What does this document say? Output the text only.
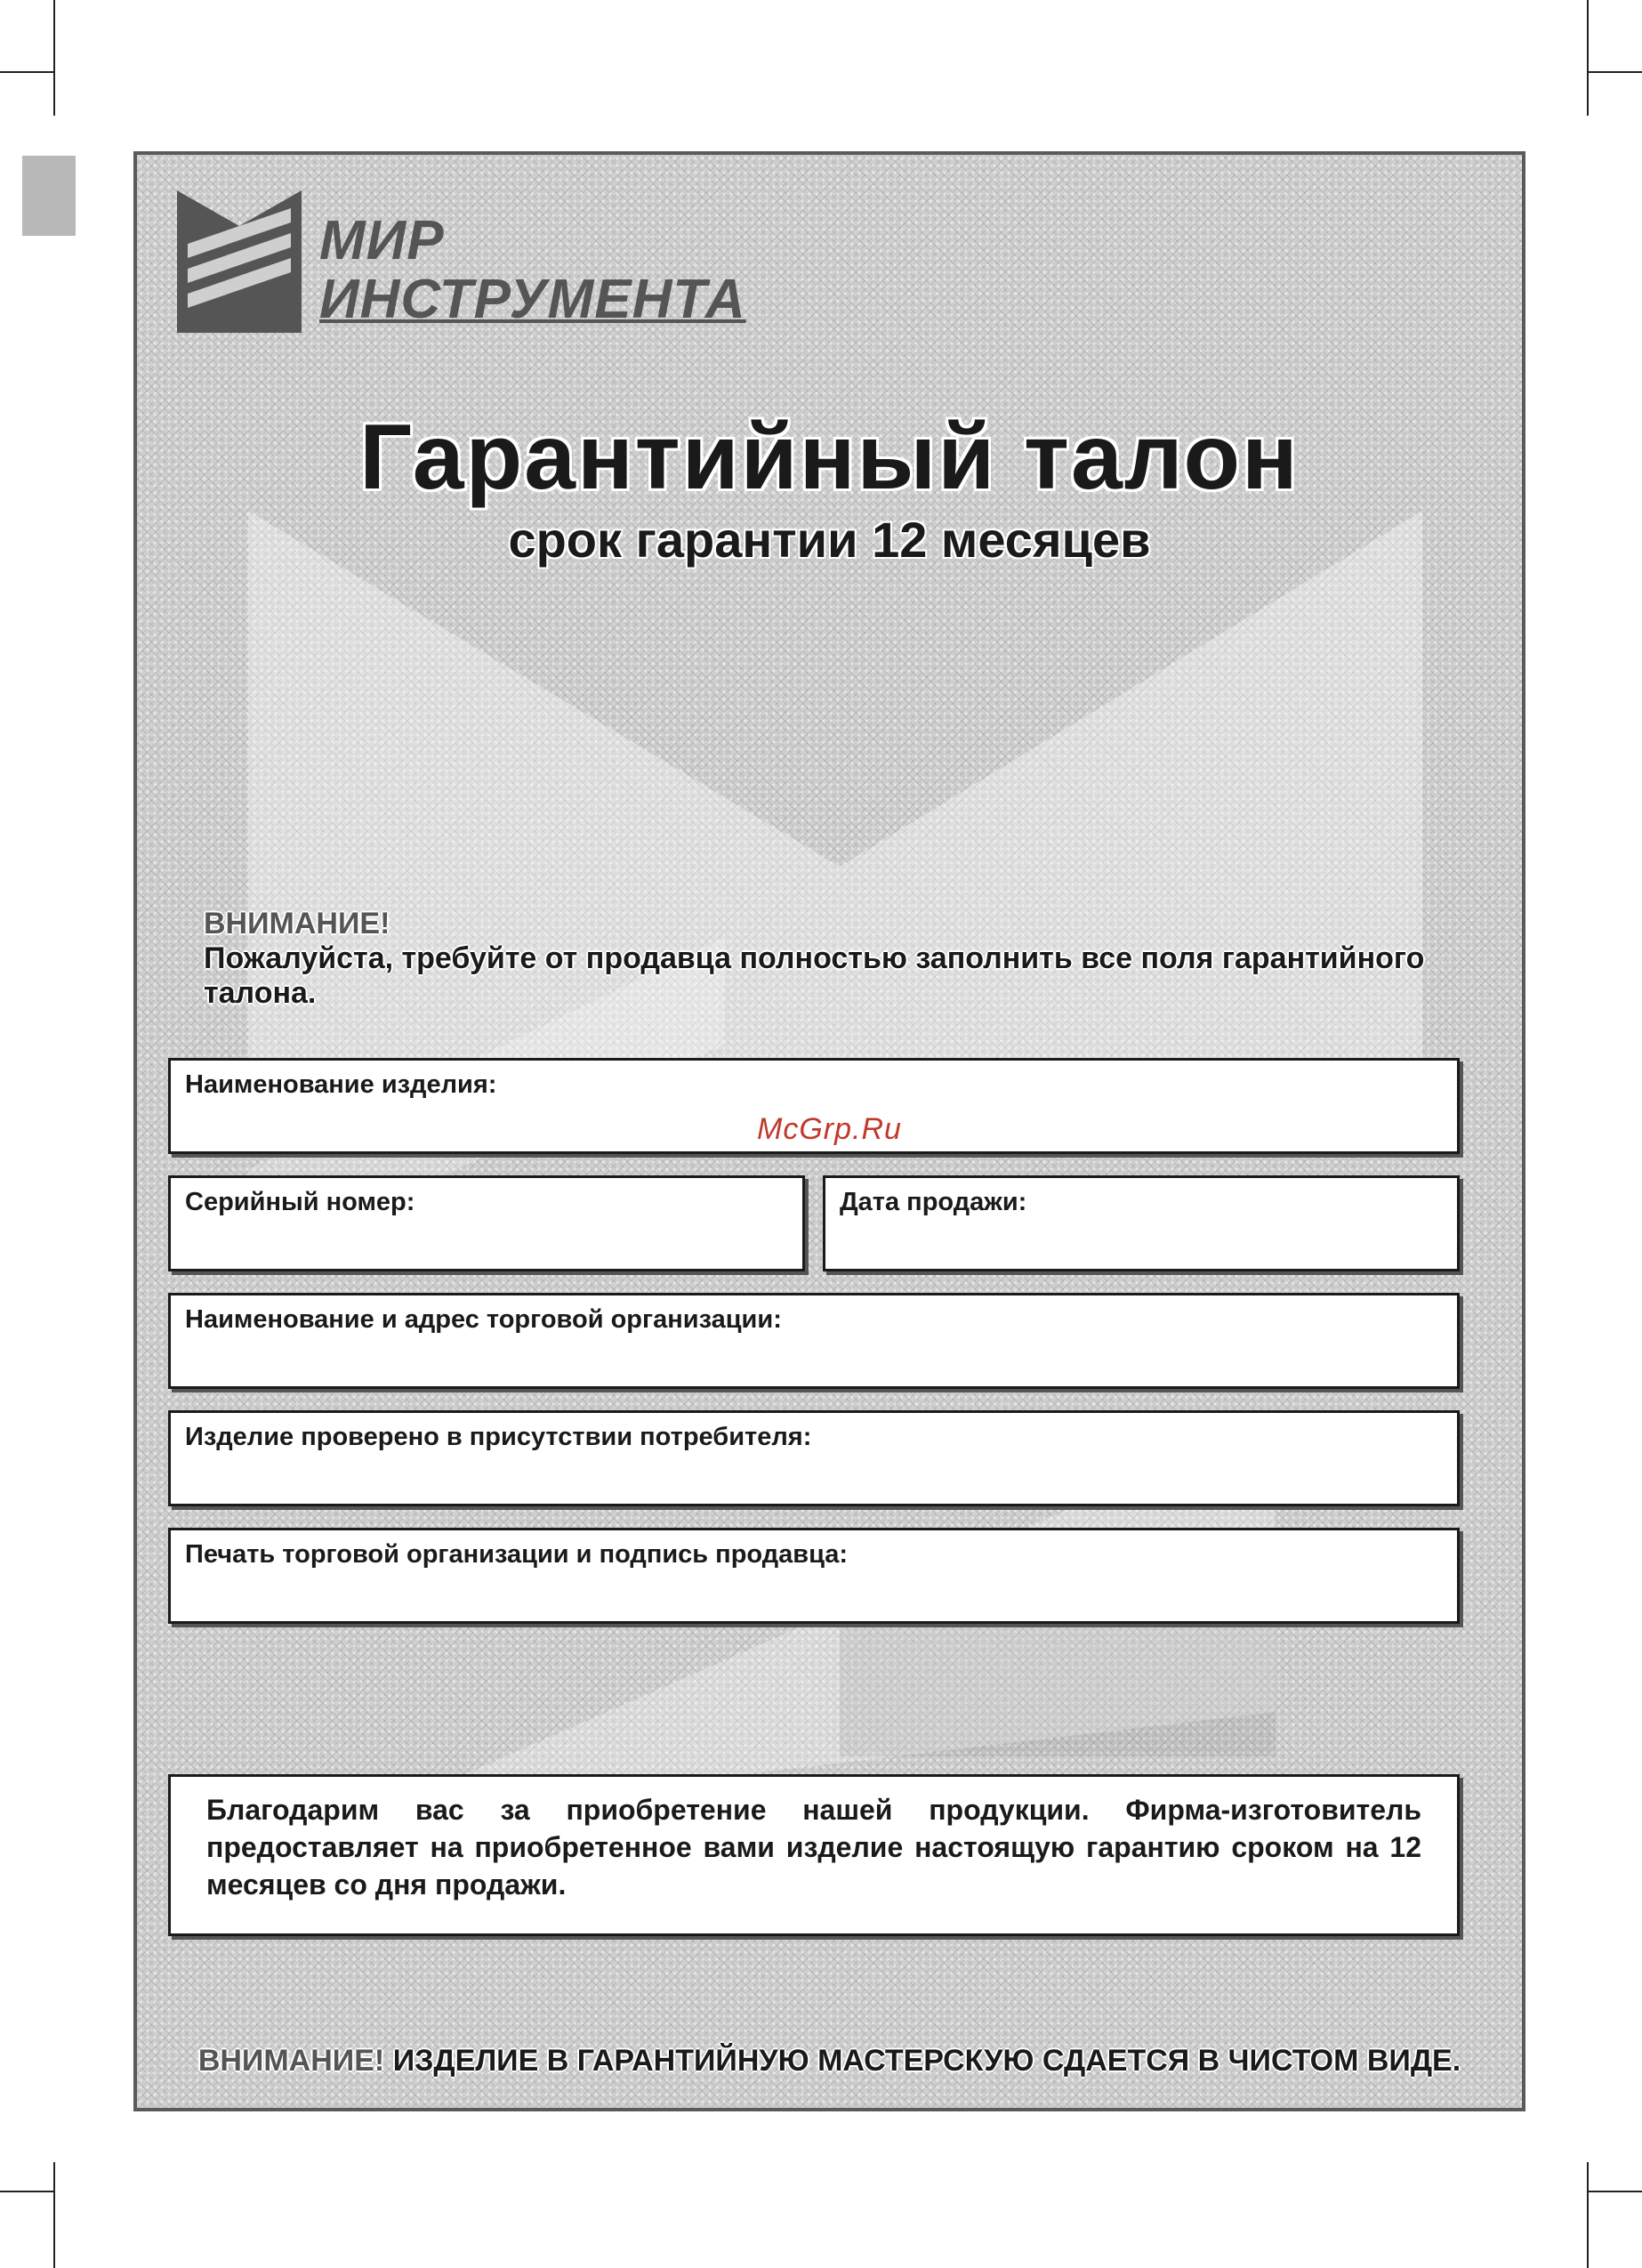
МИР
ИНСТРУМЕНТА
Гарантийный талон
срок гарантии 12 месяцев
ВНИМАНИЕ!
Пожалуйста, требуйте от продавца полностью заполнить все поля гарантийного талона.
Наименование изделия:
Серийный номер:	Дата продажи:
Наименование и адрес торговой организации:
Изделие проверено в присутствии потребителя:
Печать торговой организации и подпись продавца:
McGrp.Ru
Благодарим вас за приобретение нашей продукции. Фирма-изготовитель предоставляет на приобретенное вами изделие настоящую гарантию сроком на 12 месяцев со дня продажи.
ВНИМАНИЕ! ИЗДЕЛИЕ В ГАРАНТИЙНУЮ МАСТЕРСКУЮ СДАЕТСЯ В ЧИСТОМ ВИДЕ.
